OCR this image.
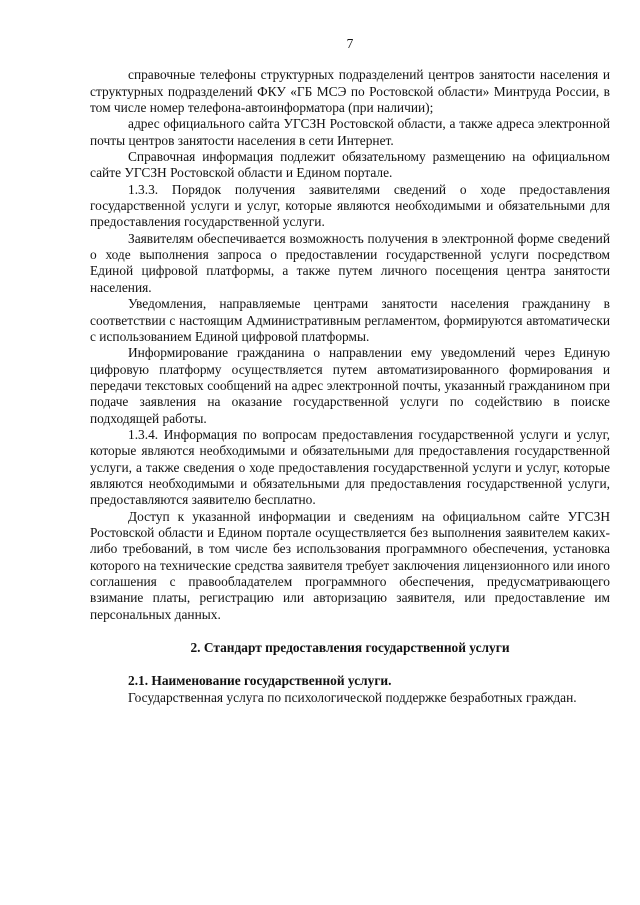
7

справочные телефоны структурных подразделений центров занятости населения и структурных подразделений ФКУ «ГБ МСЭ по Ростовской области» Минтруда России, в том числе номер телефона-автоинформатора (при наличии);

адрес официального сайта УГСЗН Ростовской области, а также адреса электронной почты центров занятости населения в сети Интернет.

Справочная информация подлежит обязательному размещению на официальном сайте УГСЗН Ростовской области и Едином портале.

1.3.3. Порядок получения заявителями сведений о ходе предоставления государственной услуги и услуг, которые являются необходимыми и обязательными для предоставления государственной услуги.

Заявителям обеспечивается возможность получения в электронной форме сведений о ходе выполнения запроса о предоставлении государственной услуги посредством Единой цифровой платформы, а также путем личного посещения центра занятости населения.

Уведомления, направляемые центрами занятости населения гражданину в соответствии с настоящим Административным регламентом, формируются автоматически с использованием Единой цифровой платформы.

Информирование гражданина о направлении ему уведомлений через Единую цифровую платформу осуществляется путем автоматизированного формирования и передачи текстовых сообщений на адрес электронной почты, указанный гражданином при подаче заявления на оказание государственной услуги по содействию в поиске подходящей работы.

1.3.4. Информация по вопросам предоставления государственной услуги и услуг, которые являются необходимыми и обязательными для предоставления государственной услуги, а также сведения о ходе предоставления государственной услуги и услуг, которые являются необходимыми и обязательными для предоставления государственной услуги, предоставляются заявителю бесплатно.

Доступ к указанной информации и сведениям на официальном сайте УГСЗН Ростовской области и Едином портале осуществляется без выполнения заявителем каких-либо требований, в том числе без использования программного обеспечения, установка которого на технические средства заявителя требует заключения лицензионного или иного соглашения с правообладателем программного обеспечения, предусматривающего взимание платы, регистрацию или авторизацию заявителя, или предоставление им персональных данных.

2. Стандарт предоставления государственной услуги

2.1. Наименование государственной услуги.

Государственная услуга по психологической поддержке безработных граждан.
